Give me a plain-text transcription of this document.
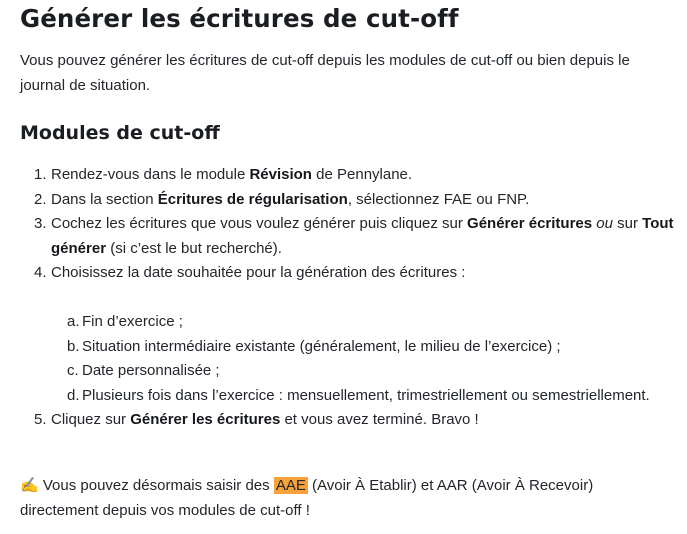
Générer les écritures de cut-off

Vous pouvez générer les écritures de cut-off depuis les modules de cut-off ou bien depuis le journal de situation.

Modules de cut-off
1. Rendez-vous dans le module Révision de Pennylane.
2. Dans la section Écritures de régularisation, sélectionnez FAE ou FNP.
3. Cochez les écritures que vous voulez générer puis cliquez sur Générer écritures ou sur Tout générer (si c’est le but recherché).
4. Choisissez la date souhaitée pour la génération des écritures :
a. Fin d’exercice ;
b. Situation intermédiaire existante (généralement, le milieu de l’exercice) ;
c. Date personnalisée ;
d. Plusieurs fois dans l’exercice : mensuellement, trimestriellement ou semestriellement.
5. Cliquez sur Générer les écritures et vous avez terminé. Bravo !

✍️ Vous pouvez désormais saisir des AAE (Avoir À Etablir) et AAR (Avoir À Recevoir) directement depuis vos modules de cut-off !
